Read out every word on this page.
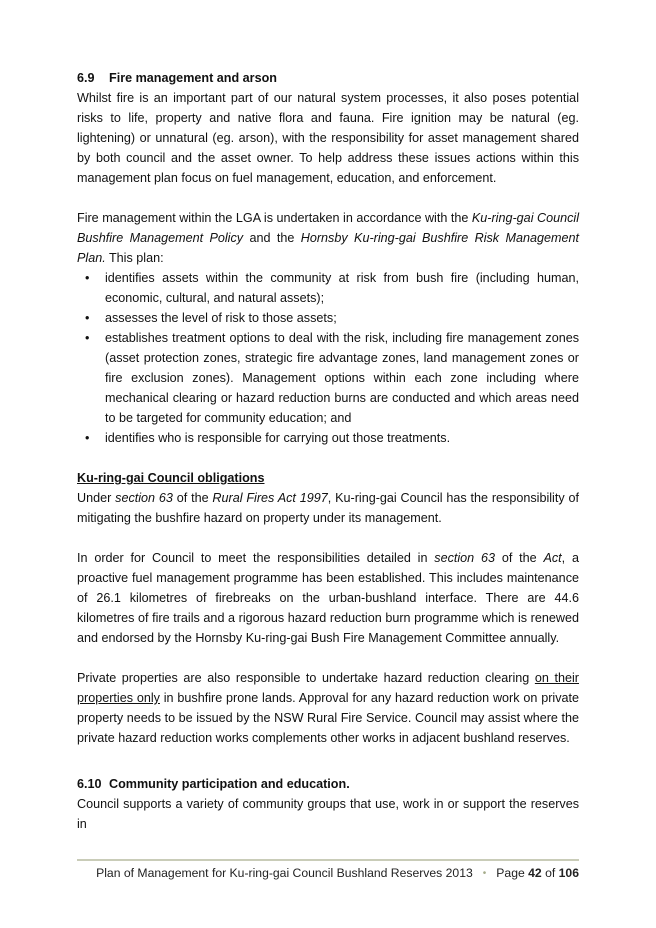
6.9 Fire management and arson

Whilst fire is an important part of our natural system processes, it also poses potential risks to life, property and native flora and fauna. Fire ignition may be natural (eg. lightening) or unnatural (eg. arson), with the responsibility for asset management shared by both council and the asset owner. To help address these issues actions within this management plan focus on fuel management, education, and enforcement.

Fire management within the LGA is undertaken in accordance with the Ku-ring-gai Council Bushfire Management Policy and the Hornsby Ku-ring-gai Bushfire Risk Management Plan. This plan:

• identifies assets within the community at risk from bush fire (including human, economic, cultural, and natural assets);
• assesses the level of risk to those assets;
• establishes treatment options to deal with the risk, including fire management zones (asset protection zones, strategic fire advantage zones, land management zones or fire exclusion zones). Management options within each zone including where mechanical clearing or hazard reduction burns are conducted and which areas need to be targeted for community education; and
• identifies who is responsible for carrying out those treatments.
Ku-ring-gai Council obligations

Under section 63 of the Rural Fires Act 1997, Ku-ring-gai Council has the responsibility of mitigating the bushfire hazard on property under its management.

In order for Council to meet the responsibilities detailed in section 63 of the Act, a proactive fuel management programme has been established. This includes maintenance of 26.1 kilometres of firebreaks on the urban-bushland interface. There are 44.6 kilometres of fire trails and a rigorous hazard reduction burn programme which is renewed and endorsed by the Hornsby Ku-ring-gai Bush Fire Management Committee annually.

Private properties are also responsible to undertake hazard reduction clearing on their properties only in bushfire prone lands. Approval for any hazard reduction work on private property needs to be issued by the NSW Rural Fire Service. Council may assist where the private hazard reduction works complements other works in adjacent bushland reserves.

6.10 Community participation and education.

Council supports a variety of community groups that use, work in or support the reserves in

Plan of Management for Ku-ring-gai Council Bushland Reserves 2013 • Page 42 of 106
